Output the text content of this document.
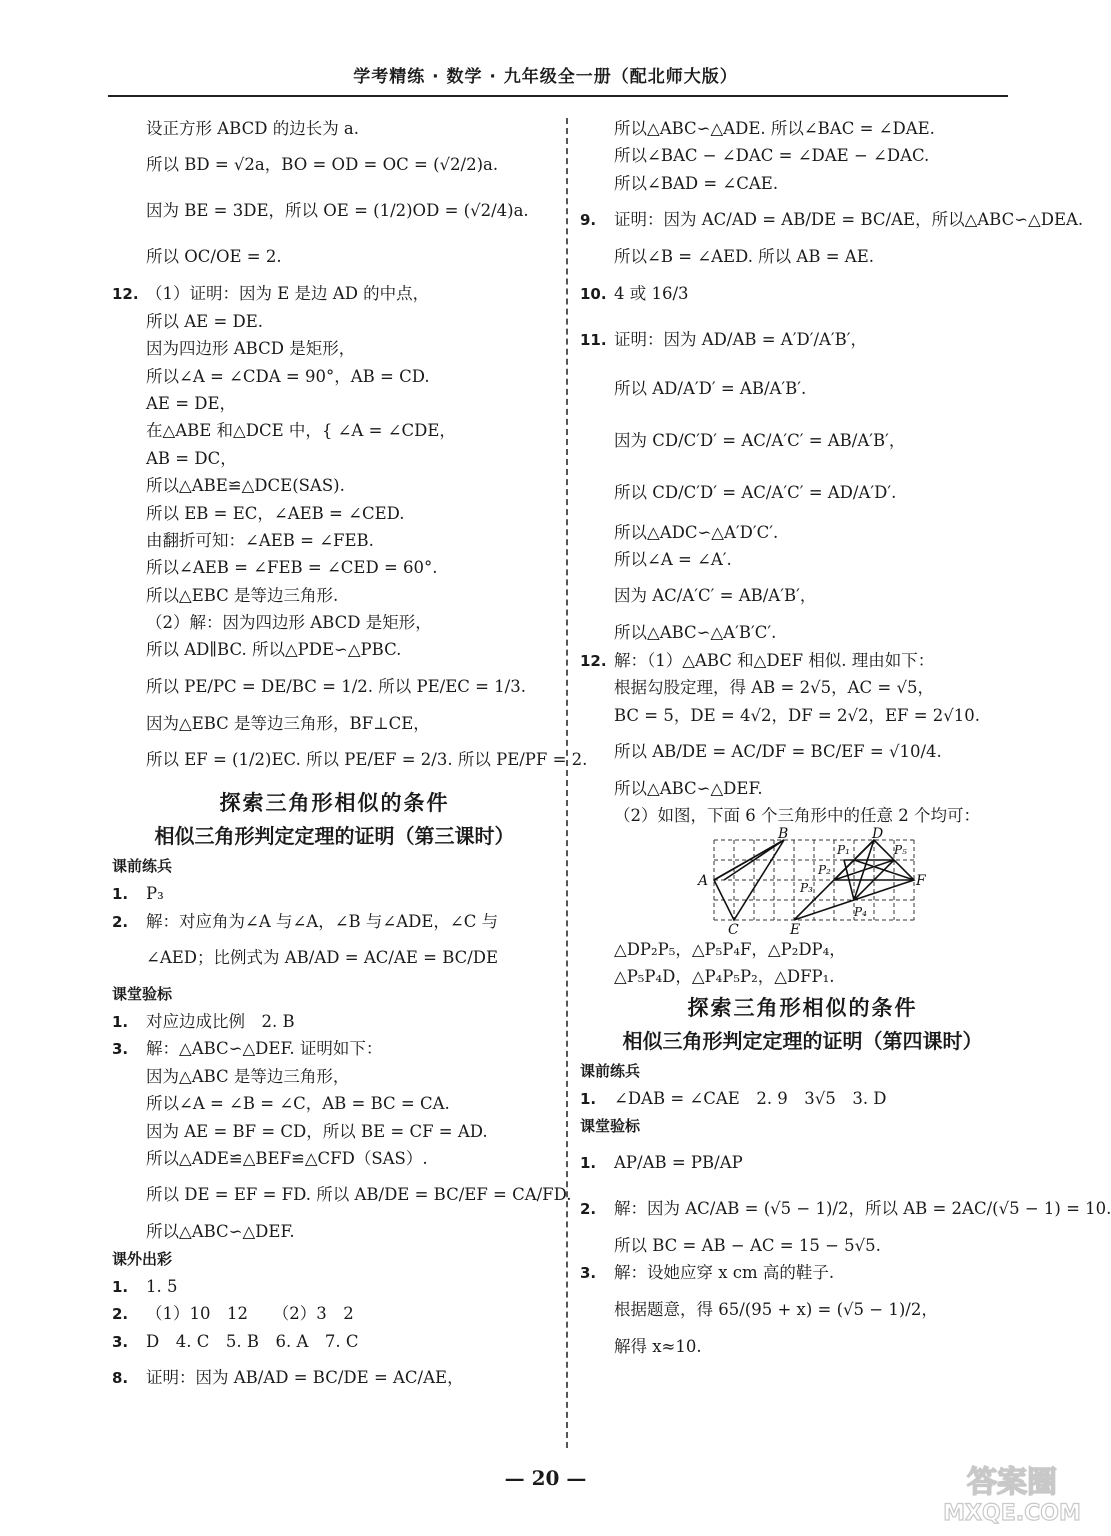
学考精练 · 数学 · 九年级全一册（配北师大版）
设正方形 ABCD 的边长为 a.
所以 BD = √2a，BO = OD = OC = (√2/2)a.
因为 BE = 3DE，所以 OE = (1/2)OD = (√2/4)a.
所以 OC/OE = 2.
12. （1）证明：因为 E 是边 AD 的中点，
所以 AE = DE.
因为四边形 ABCD 是矩形，
所以∠A = ∠CDA = 90°，AB = CD.
AE = DE，
在△ABE 和△DCE 中，{ ∠A = ∠CDE，
AB = DC，
所以△ABE≌△DCE(SAS).
所以 EB = EC，∠AEB = ∠CED.
由翻折可知：∠AEB = ∠FEB.
所以∠AEB = ∠FEB = ∠CED = 60°.
所以△EBC 是等边三角形.
（2）解：因为四边形 ABCD 是矩形，
所以 AD∥BC. 所以△PDE∽△PBC.
所以 PE/PC = DE/BC = 1/2. 所以 PE/EC = 1/3.
因为△EBC 是等边三角形，BF⊥CE，
所以 EF = (1/2)EC. 所以 PE/EF = 2/3. 所以 PE/PF = 2.
探索三角形相似的条件
相似三角形判定定理的证明（第三课时）
课前练兵
1. P₃
2. 解：对应角为∠A 与∠A，∠B 与∠ADE，∠C 与
∠AED；比例式为 AB/AD = AC/AE = BC/DE
课堂验标
1. 对应边成比例　2. B
3. 解：△ABC∽△DEF. 证明如下：
因为△ABC 是等边三角形，
所以∠A = ∠B = ∠C，AB = BC = CA.
因为 AE = BF = CD，所以 BE = CF = AD.
所以△ADE≌△BEF≌△CFD（SAS）.
所以 DE = EF = FD. 所以 AB/DE = BC/EF = CA/FD.
所以△ABC∽△DEF.
课外出彩
1. 1. 5
2. （1）10　12　　（2）3　2
3. D　4. C　5. B　6. A　7. C
8. 证明：因为 AB/AD = BC/DE = AC/AE，
所以△ABC∽△ADE. 所以∠BAC = ∠DAE.
所以∠BAC − ∠DAC = ∠DAE − ∠DAC.
所以∠BAD = ∠CAE.
9. 证明：因为 AC/AD = AB/DE = BC/AE，所以△ABC∽△DEA.
所以∠B = ∠AED. 所以 AB = AE.
10. 4 或 16/3
11. 证明：因为 AD/AB = A′D′/A′B′，
所以 AD/A′D′ = AB/A′B′.
因为 CD/C′D′ = AC/A′C′ = AB/A′B′，
所以 CD/C′D′ = AC/A′C′ = AD/A′D′.
所以△ADC∽△A′D′C′.
所以∠A = ∠A′.
因为 AC/A′C′ = AB/A′B′，
所以△ABC∽△A′B′C′.
12. 解：（1）△ABC 和△DEF 相似. 理由如下：
根据勾股定理，得 AB = 2√5，AC = √5，
BC = 5，DE = 4√2，DF = 2√2，EF = 2√10.
所以 AB/DE = AC/DF = BC/EF = √10/4.
所以△ABC∽△DEF.
（2）如图，下面 6 个三角形中的任意 2 个均可：
A
B
C
D
E
F
P₁
P₂
P₃
P₄
P₅
△DP₂P₅，△P₅P₄F，△P₂DP₄，
△P₅P₄D，△P₄P₅P₂，△DFP₁.
探索三角形相似的条件
相似三角形判定定理的证明（第四课时）
课前练兵
1. ∠DAB = ∠CAE　2. 9　3√5　3. D
课堂验标
1. AP/AB = PB/AP
2. 解：因为 AC/AB = (√5 − 1)/2，所以 AB = 2AC/(√5 − 1) = 10.
所以 BC = AB − AC = 15 − 5√5.
3. 解：设她应穿 x cm 高的鞋子.
根据题意，得 65/(95 + x) = (√5 − 1)/2，
解得 x≈10.
— 20 —	答案圈
MXQE.COM
